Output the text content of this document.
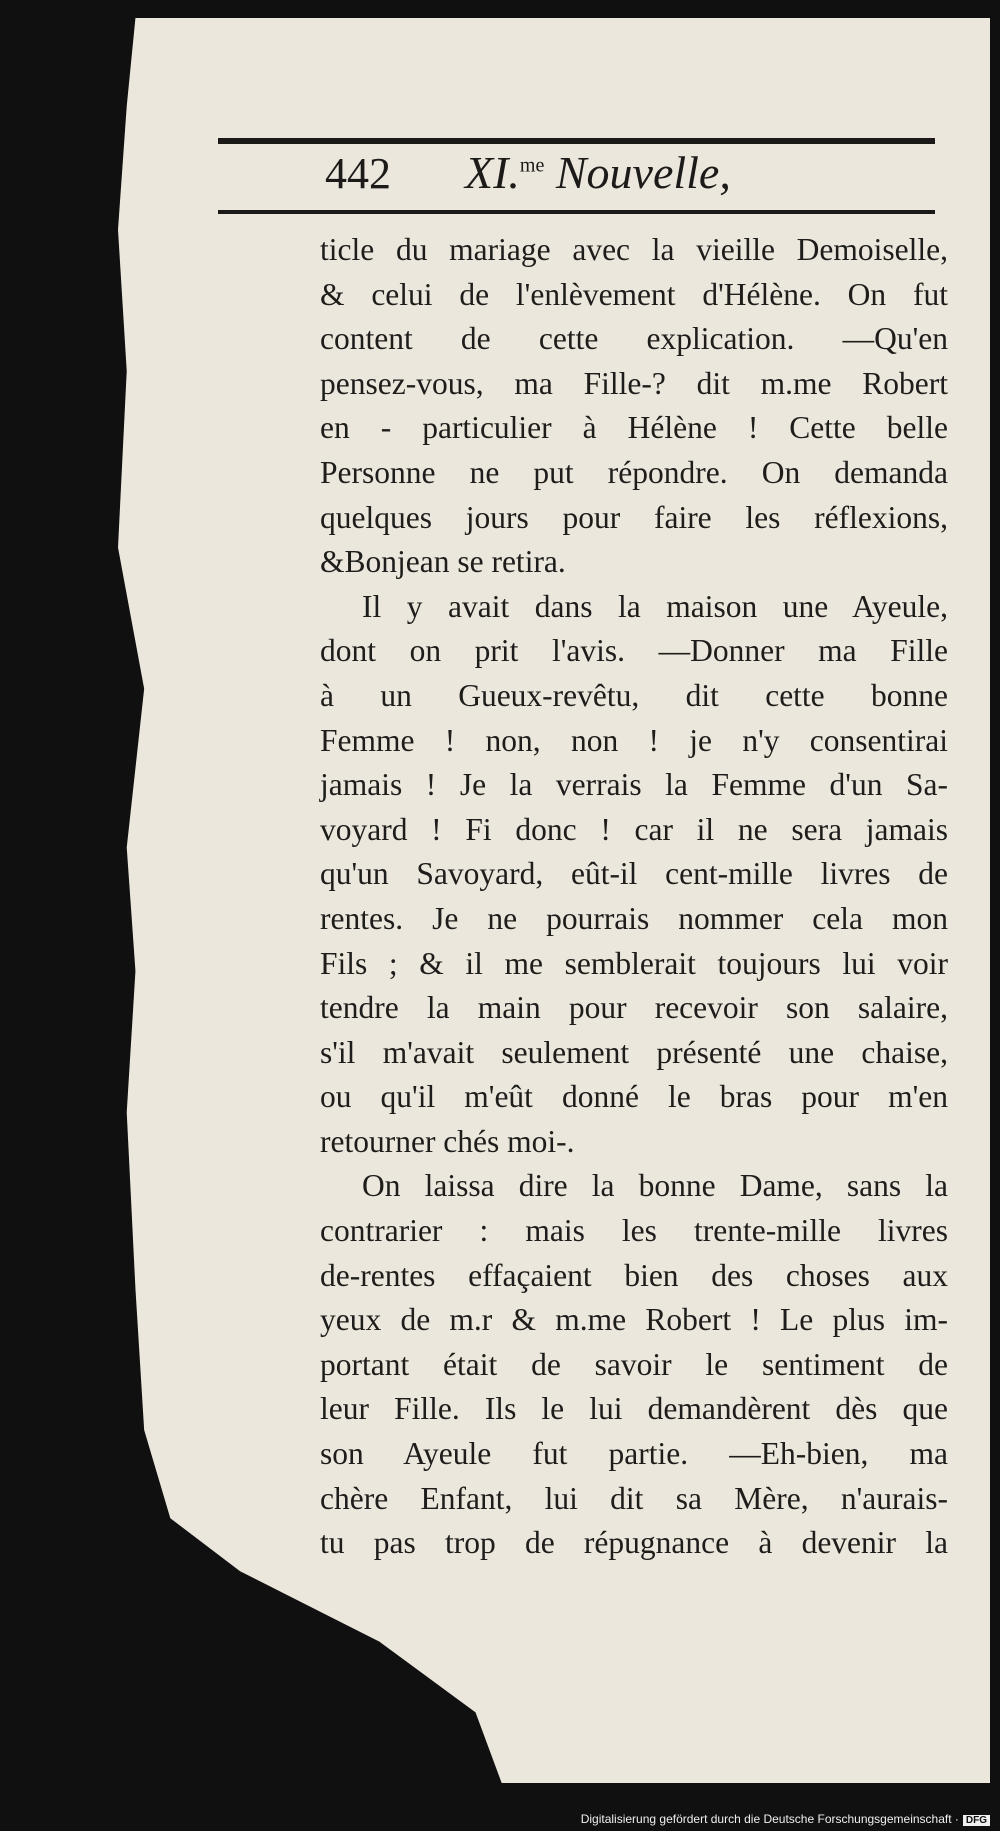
442 XI.$^{me}$ Nouvelle,
ticle du mariage avec la vieille Demoiselle,
& celui de l'enlèvement d'Hélène. On fut
content de cette explication. —Qu'en
pensez-vous, ma Fille-? dit m.me Robert
en - particulier à Hélène ! Cette belle
Personne ne put répondre. On demanda
quelques jours pour faire les réflexions,
&Bonjean se retira.
Il y avait dans la maison une Ayeule,
dont on prit l'avis. —Donner ma Fille
à un Gueux-revêtu, dit cette bonne
Femme ! non, non ! je n'y consentirai
jamais ! Je la verrais la Femme d'un Sa-
voyard ! Fi donc ! car il ne sera jamais
qu'un Savoyard, eût-il cent-mille livres de
rentes. Je ne pourrais nommer cela mon
Fils ; & il me semblerait toujours lui voir
tendre la main pour recevoir son salaire,
s'il m'avait seulement présenté une chaise,
ou qu'il m'eût donné le bras pour m'en
retourner chés moi-.
On laissa dire la bonne Dame, sans la
contrarier : mais les trente-mille livres
de-rentes effaçaient bien des choses aux
yeux de m.r & m.me Robert ! Le plus im-
portant était de savoir le sentiment de
leur Fille. Ils le lui demandèrent dès que
son Ayeule fut partie. —Eh-bien, ma
chère Enfant, lui dit sa Mère, n'aurais-
tu pas trop de répugnance à devenir la
Digitalisierung gefördert durch die Deutsche Forschungsgemeinschaft · DFG
